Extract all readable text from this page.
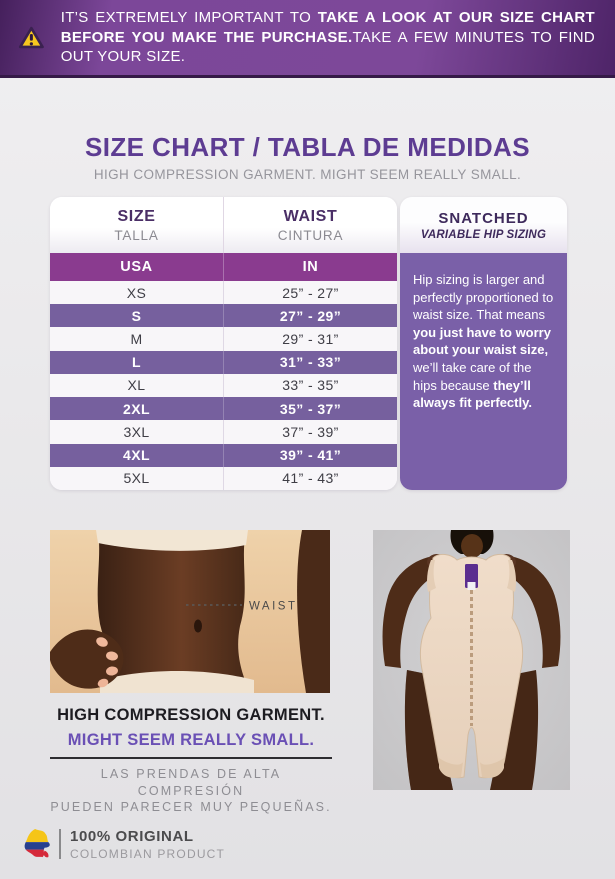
IT’S EXTREMELY IMPORTANT TO TAKE A LOOK AT OUR SIZE CHART BEFORE YOU MAKE THE PURCHASE.TAKE A FEW MINUTES TO FIND OUT YOUR SIZE.

SIZE CHART / TABLA DE MEDIDAS
HIGH COMPRESSION GARMENT. MIGHT SEEM REALLY SMALL.
SIZE
TALLA
WAIST
CINTURA
USA	IN
XS	25” - 27”
S	27” - 29”
M	29” - 31”
L	31” - 33”
XL	33” - 35”
2XL	35” - 37”
3XL	37” - 39”
4XL	39” - 41”
5XL	41” - 43”
SNATCHED
VARIABLE HIP SIZING
Hip sizing is larger and perfectly proportioned to waist size. That means you just have to worry about your waist size, we’ll take care of the hips because they’ll always fit perfectly.
WAIST
HIGH COMPRESSION GARMENT.
MIGHT SEEM REALLY SMALL.
LAS PRENDAS DE ALTA COMPRESIÓN
PUEDEN PARECER MUY PEQUEÑAS.
100% ORIGINAL
COLOMBIAN PRODUCT
